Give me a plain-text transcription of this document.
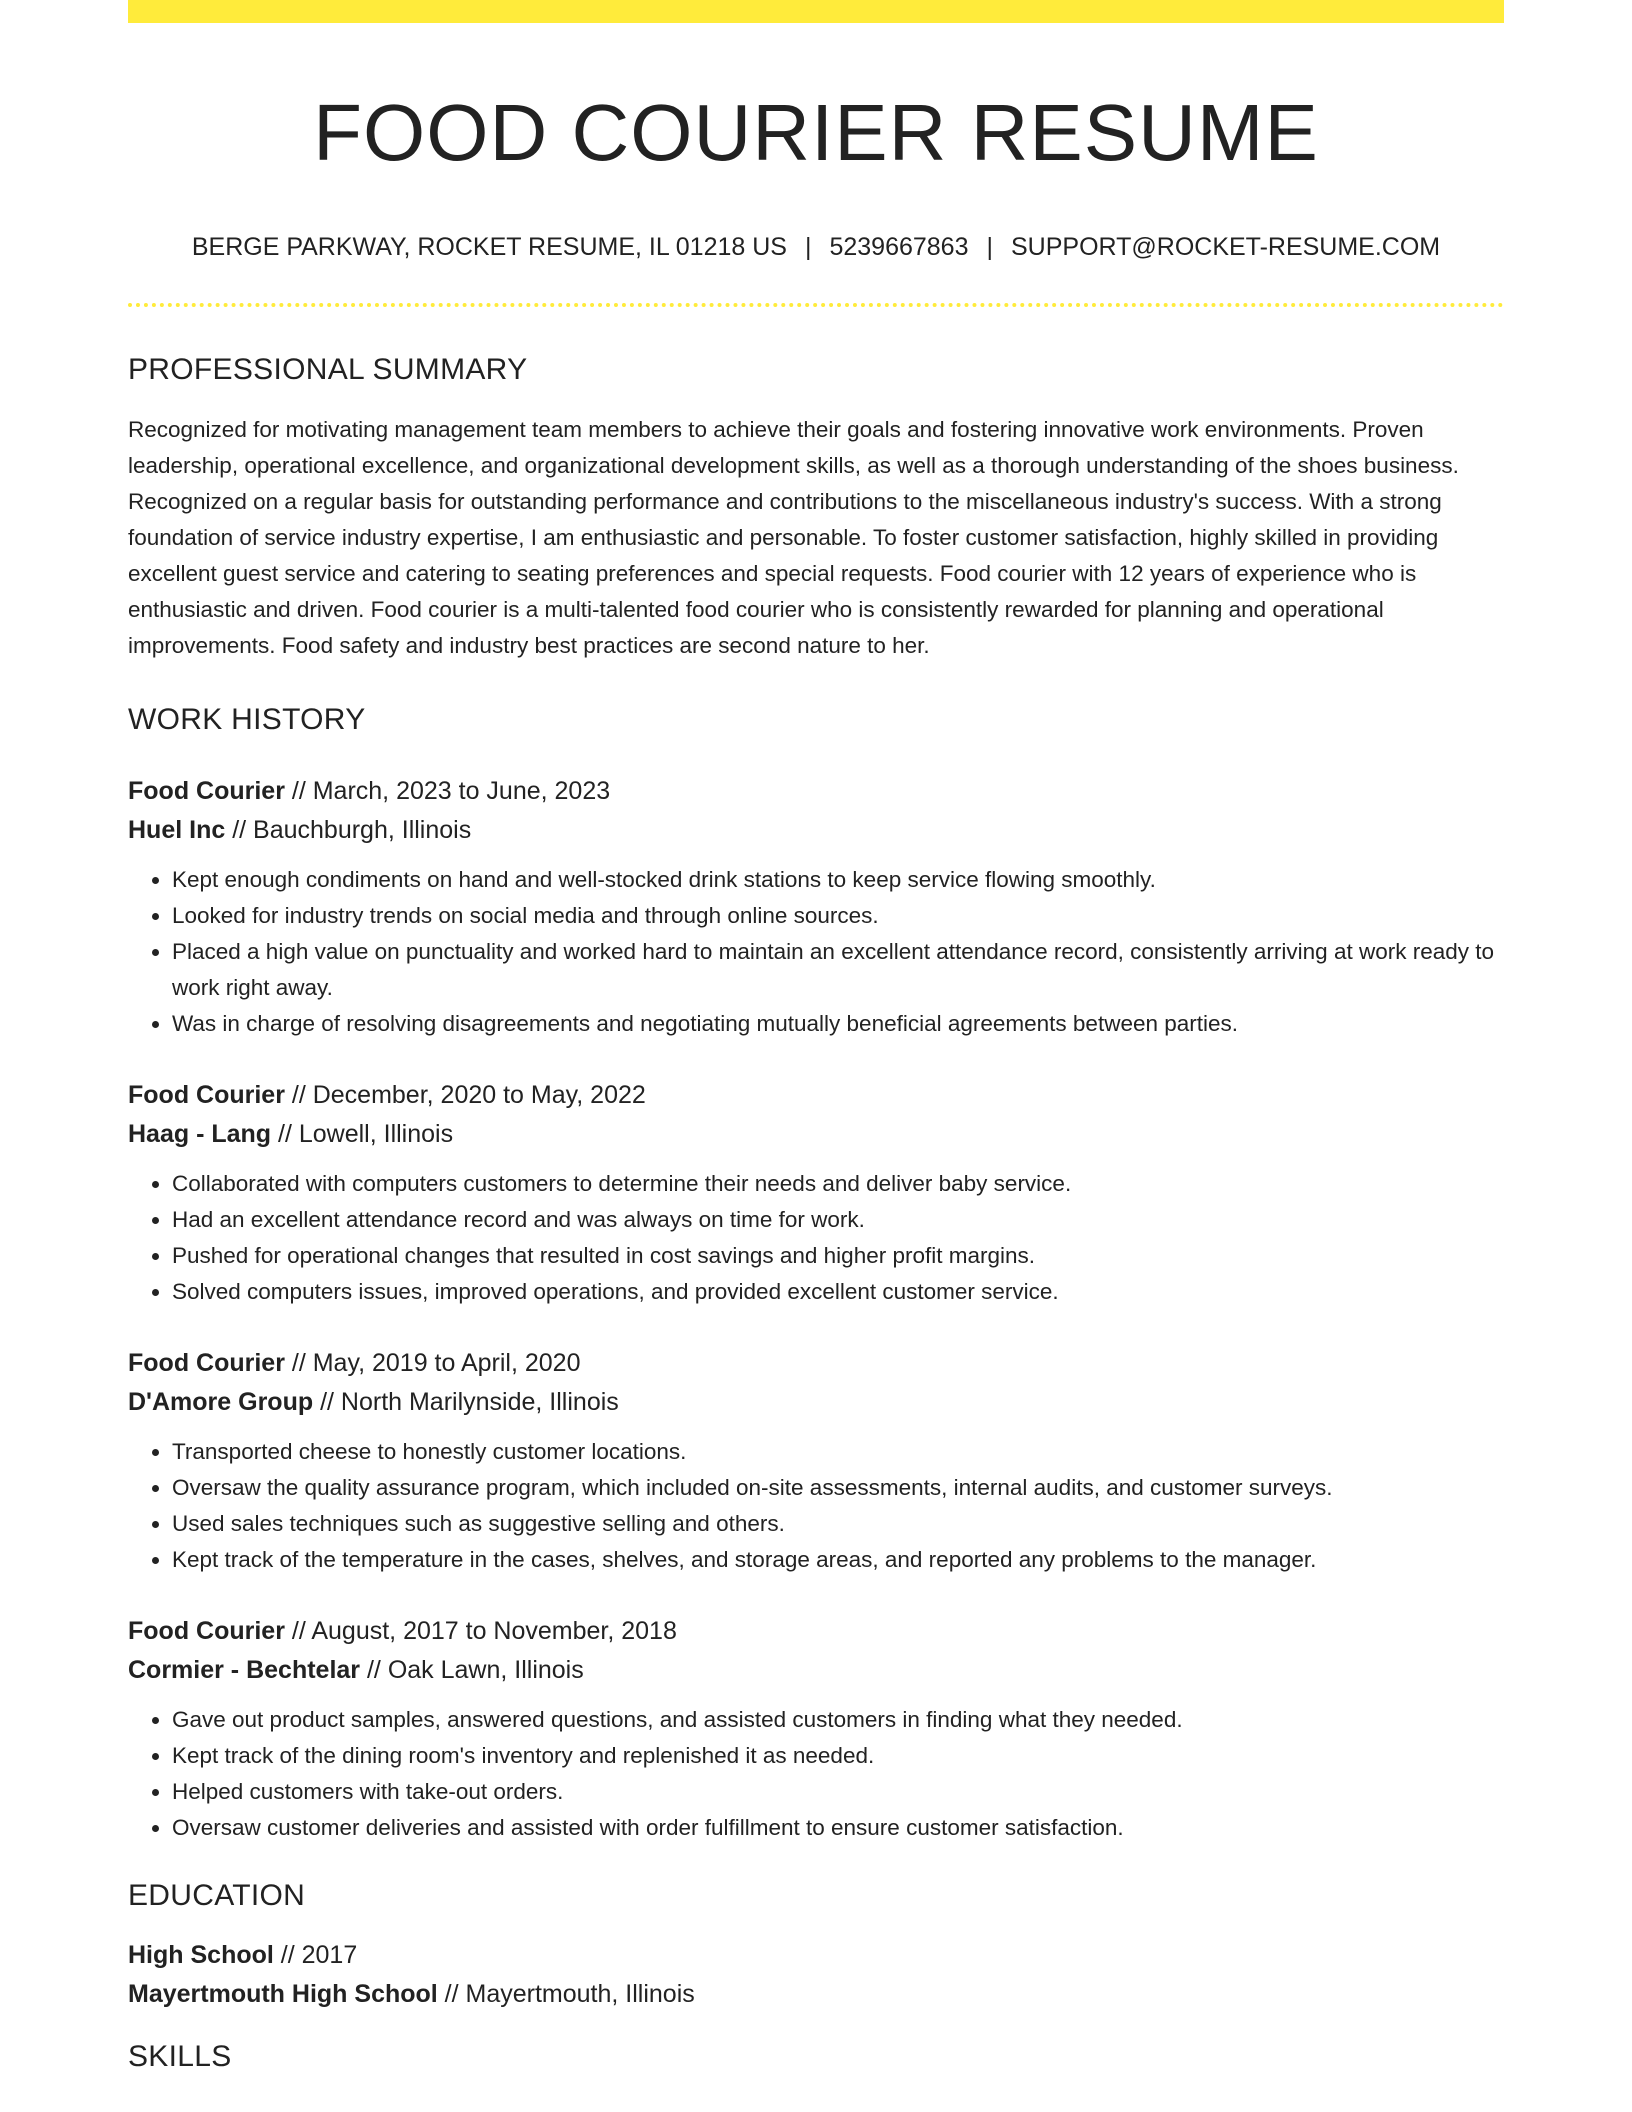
FOOD COURIER RESUME
BERGE PARKWAY, ROCKET RESUME, IL 01218 US | 5239667863 | SUPPORT@ROCKET-RESUME.COM
PROFESSIONAL SUMMARY
Recognized for motivating management team members to achieve their goals and fostering innovative work environments. Proven leadership, operational excellence, and organizational development skills, as well as a thorough understanding of the shoes business. Recognized on a regular basis for outstanding performance and contributions to the miscellaneous industry's success. With a strong foundation of service industry expertise, I am enthusiastic and personable. To foster customer satisfaction, highly skilled in providing excellent guest service and catering to seating preferences and special requests. Food courier with 12 years of experience who is enthusiastic and driven. Food courier is a multi-talented food courier who is consistently rewarded for planning and operational improvements. Food safety and industry best practices are second nature to her.
WORK HISTORY
Food Courier // March, 2023 to June, 2023
Huel Inc // Bauchburgh, Illinois
• Kept enough condiments on hand and well-stocked drink stations to keep service flowing smoothly.
• Looked for industry trends on social media and through online sources.
• Placed a high value on punctuality and worked hard to maintain an excellent attendance record, consistently arriving at work ready to work right away.
• Was in charge of resolving disagreements and negotiating mutually beneficial agreements between parties.
Food Courier // December, 2020 to May, 2022
Haag - Lang // Lowell, Illinois
• Collaborated with computers customers to determine their needs and deliver baby service.
• Had an excellent attendance record and was always on time for work.
• Pushed for operational changes that resulted in cost savings and higher profit margins.
• Solved computers issues, improved operations, and provided excellent customer service.
Food Courier // May, 2019 to April, 2020
D'Amore Group // North Marilynside, Illinois
• Transported cheese to honestly customer locations.
• Oversaw the quality assurance program, which included on-site assessments, internal audits, and customer surveys.
• Used sales techniques such as suggestive selling and others.
• Kept track of the temperature in the cases, shelves, and storage areas, and reported any problems to the manager.
Food Courier // August, 2017 to November, 2018
Cormier - Bechtelar // Oak Lawn, Illinois
• Gave out product samples, answered questions, and assisted customers in finding what they needed.
• Kept track of the dining room's inventory and replenished it as needed.
• Helped customers with take-out orders.
• Oversaw customer deliveries and assisted with order fulfillment to ensure customer satisfaction.
EDUCATION
High School // 2017
Mayertmouth High School // Mayertmouth, Illinois
SKILLS
